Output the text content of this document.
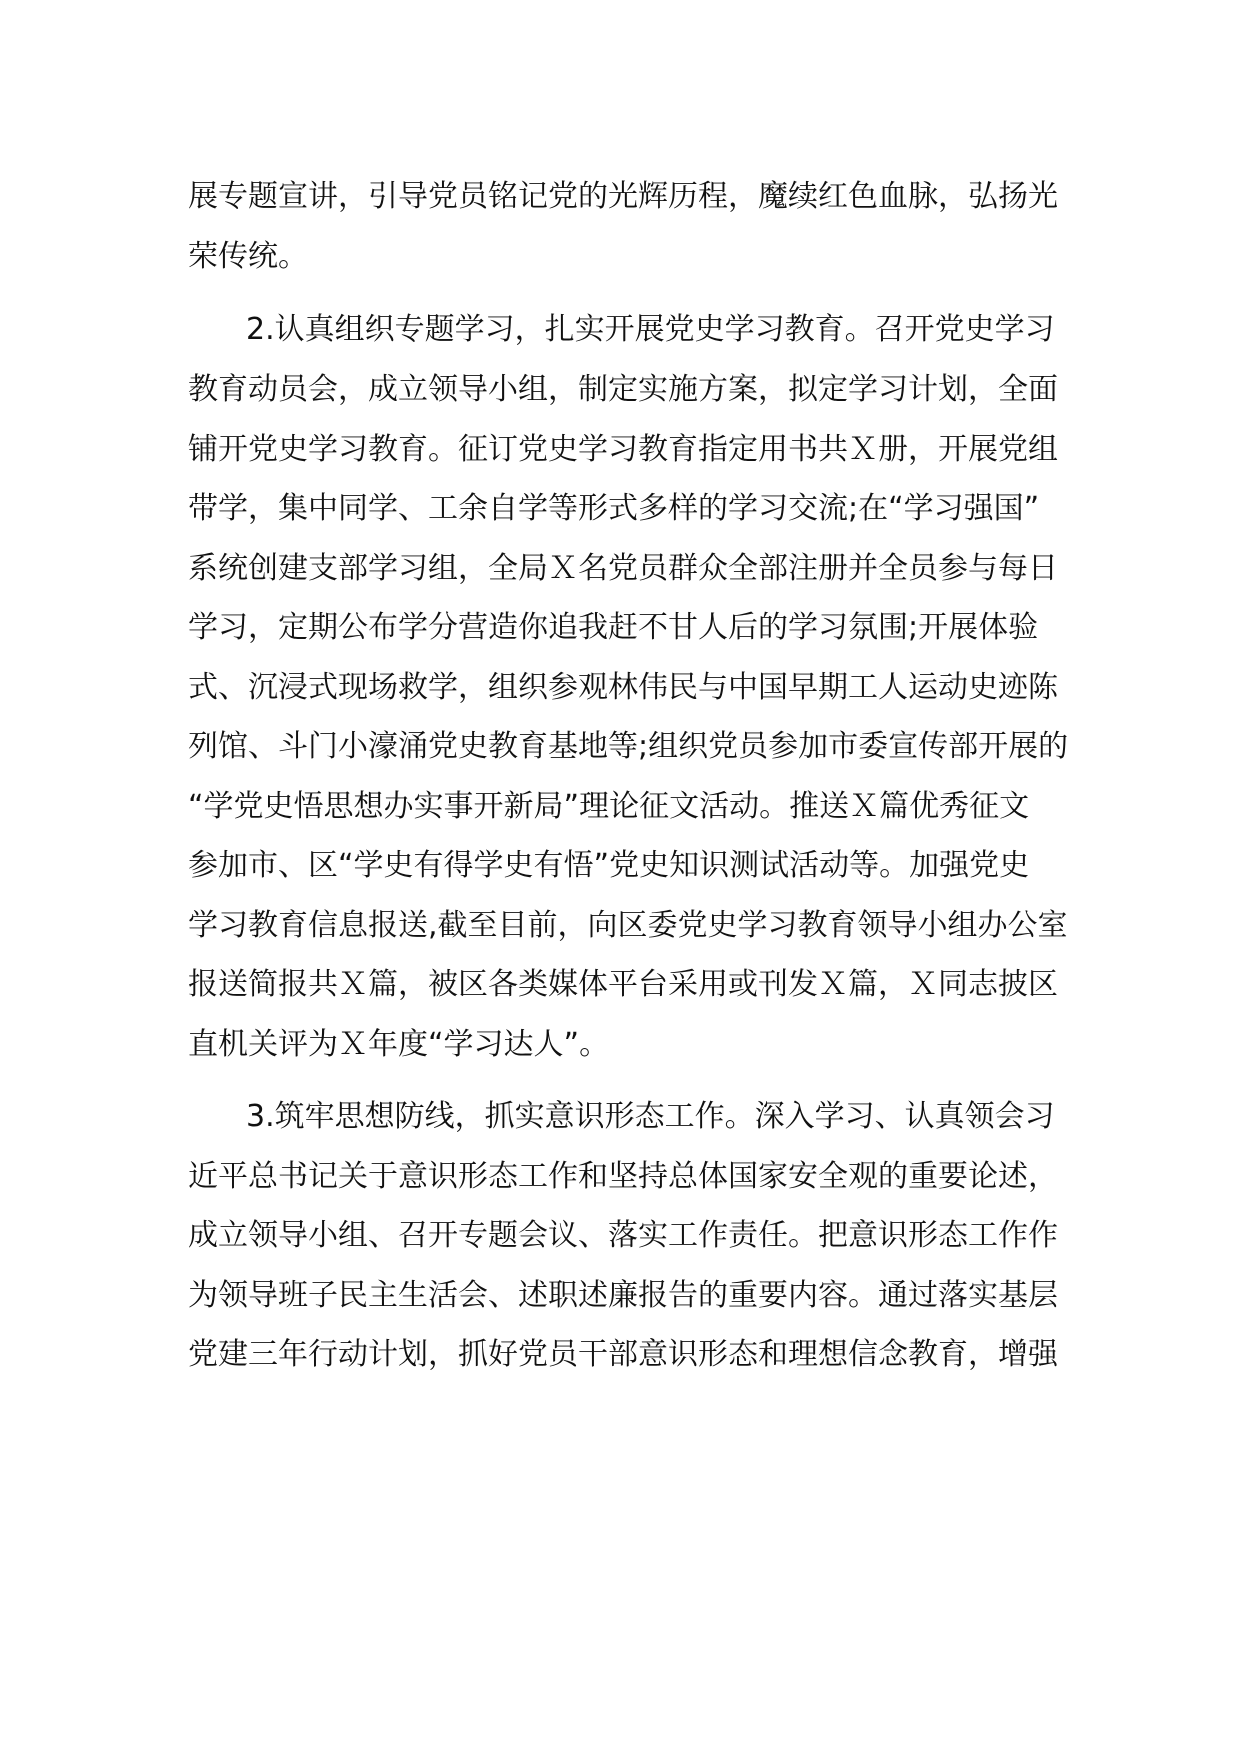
展专题宣讲，引导党员铭记党的光辉历程，魔续红色血脉，弘扬光
荣传统。
2.认真组织专题学习，扎实开展党史学习教育。召开党史学习
教育动员会，成立领导小组，制定实施方案，拟定学习计划，全面
铺开党史学习教育。征订党史学习教育指定用书共Ｘ册，开展党组
带学，集中同学、工余自学等形式多样的学习交流;在“学习强国”
系统创建支部学习组，全局Ｘ名党员群众全部注册并全员参与每日
学习，定期公布学分营造你追我赶不甘人后的学习氛围;开展体验
式、沉浸式现场救学，组织参观林伟民与中国早期工人运动史迹陈
列馆、斗门小濠涌党史教育基地等;组织党员参加市委宣传部开展的
“学党史悟思想办实事开新局”理论征文活动。推送Ｘ篇优秀征文
参加市、区“学史有得学史有悟”党史知识测试活动等。加强党史
学习教育信息报送,截至目前，向区委党史学习教育领导小组办公室
报送简报共Ｘ篇，被区各类媒体平台采用或刊发Ｘ篇，Ｘ同志披区
直机关评为Ｘ年度“学习达人”。
3.筑牢思想防线，抓实意识形态工作。深入学习、认真领会习
近平总书记关于意识形态工作和坚持总体国家安全观的重要论述，
成立领导小组、召开专题会议、落实工作责任。把意识形态工作作
为领导班子民主生活会、述职述廉报告的重要内容。通过落实基层
党建三年行动计划，抓好党员干部意识形态和理想信念教育，增强
